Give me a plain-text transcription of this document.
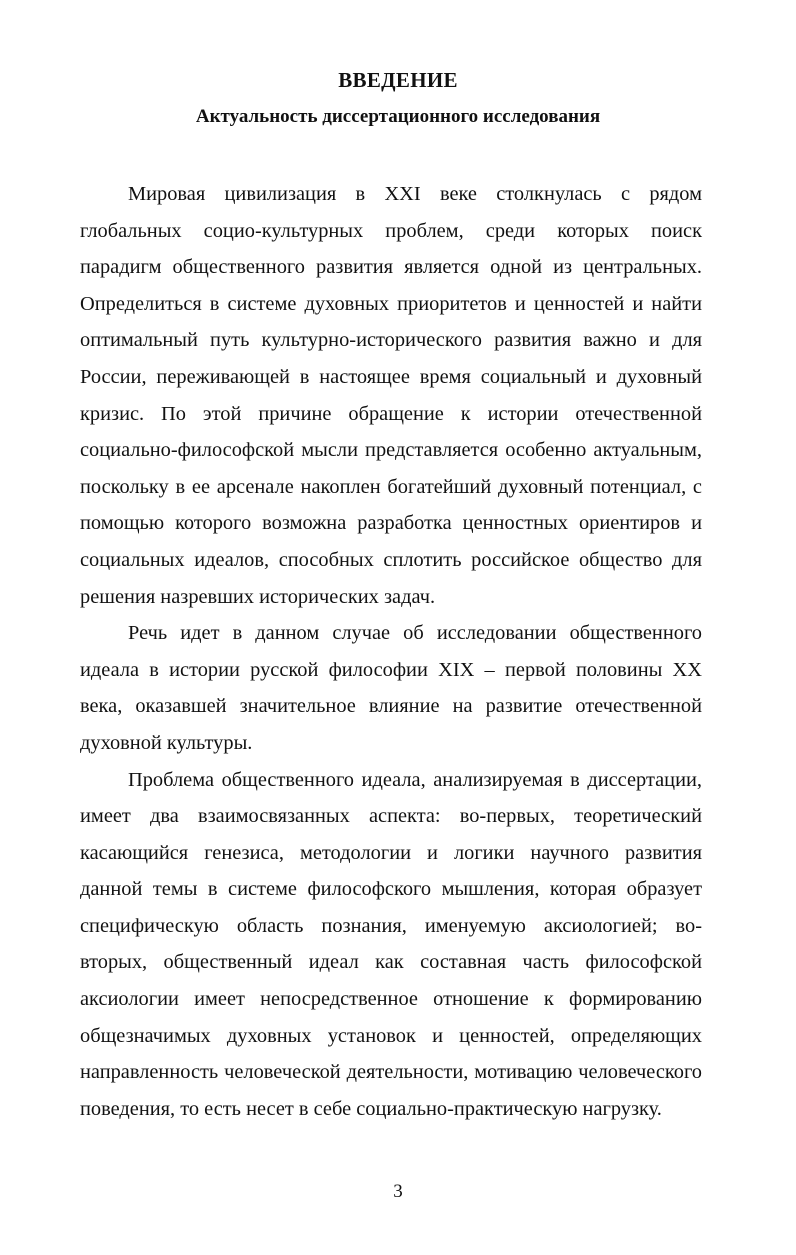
ВВЕДЕНИЕ
Актуальность диссертационного исследования

Мировая цивилизация в XXI веке столкнулась с рядом глобальных социо-культурных проблем, среди которых поиск парадигм общественного развития является одной из центральных. Определиться в системе духовных приоритетов и ценностей и найти оптимальный путь культурно-исторического развития важно и для России, переживающей в настоящее время социальный и духовный кризис. По этой причине обращение к истории отечественной социально-философской мысли представляется особенно актуальным, поскольку в ее арсенале накоплен богатейший духовный потенциал, с помощью которого возможна разработка ценностных ориентиров и социальных идеалов, способных сплотить российское общество для решения назревших исторических задач.

Речь идет в данном случае об исследовании общественного идеала в истории русской философии XIX – первой половины XX века, оказавшей значительное влияние на развитие отечественной духовной культуры.

Проблема общественного идеала, анализируемая в диссертации, имеет два взаимосвязанных аспекта: во-первых, теоретический касающийся генезиса, методологии и логики научного развития данной темы в системе философского мышления, которая образует специфическую область познания, именуемую аксиологией; во-вторых, общественный идеал как составная часть философской аксиологии имеет непосредственное отношение к формированию общезначимых духовных установок и ценностей, определяющих направленность человеческой деятельности, мотивацию человеческого поведения, то есть несет в себе социально-практическую нагрузку.

3
